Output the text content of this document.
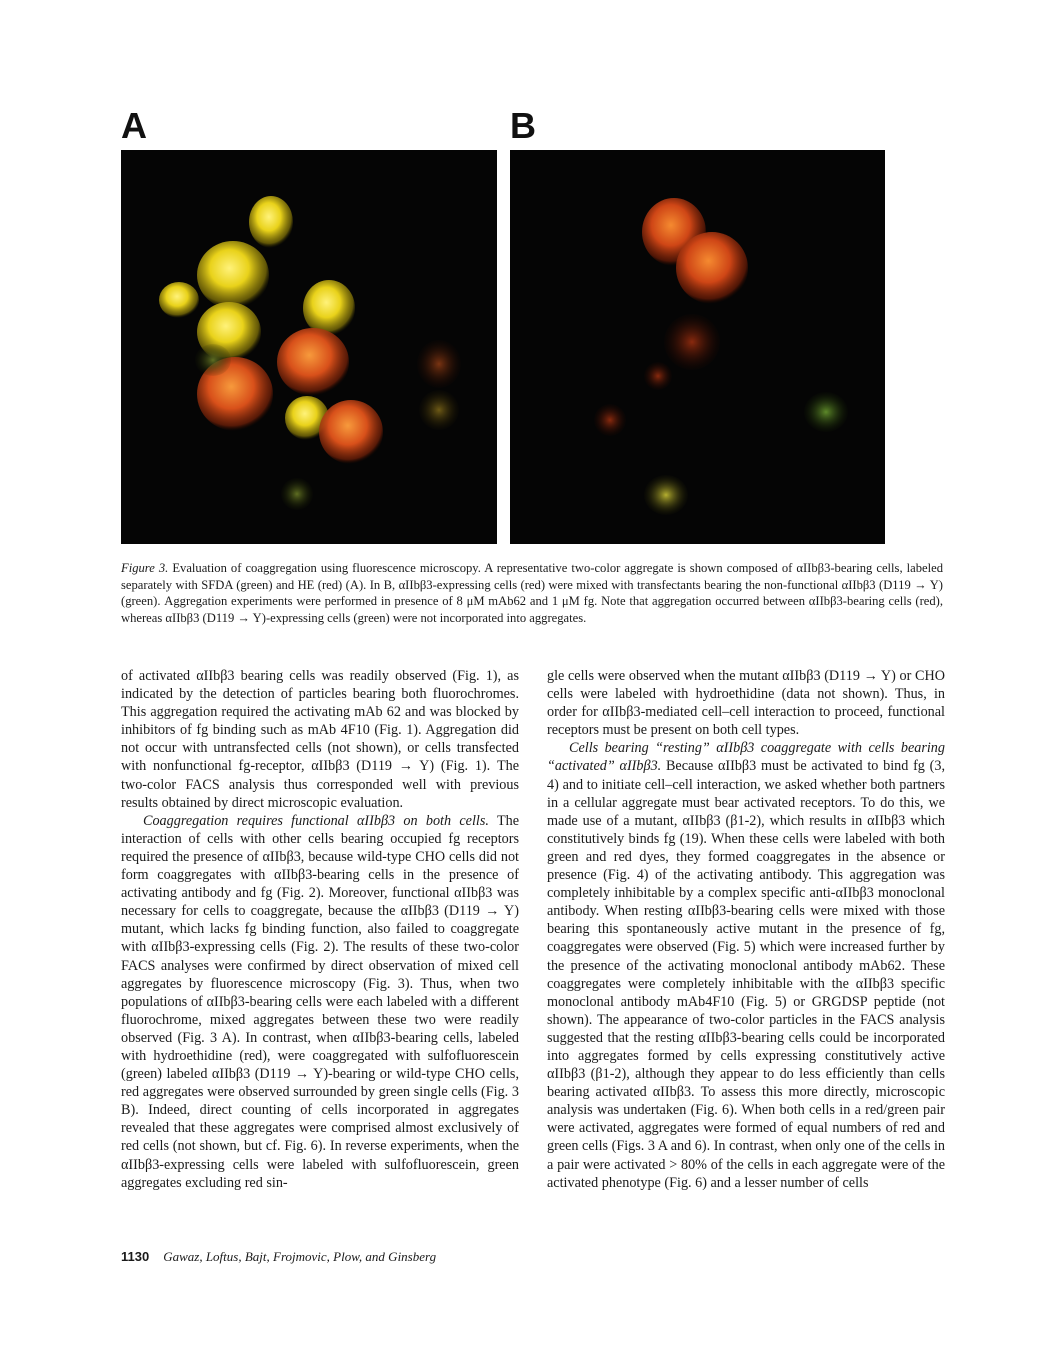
A	B
Figure 3. Evaluation of coaggregation using fluorescence microscopy. A representative two-color aggregate is shown composed of αIIbβ3-bearing cells, labeled separately with SFDA (green) and HE (red) (A). In B, αIIbβ3-expressing cells (red) were mixed with transfectants bearing the non-functional αIIbβ3 (D119 → Y) (green). Aggregation experiments were performed in presence of 8 μM mAb62 and 1 μM fg. Note that aggregation occurred between αIIbβ3-bearing cells (red), whereas αIIbβ3 (D119 → Y)-expressing cells (green) were not incorporated into aggregates.

of activated αIIbβ3 bearing cells was readily observed (Fig. 1), as indicated by the detection of particles bearing both fluorochromes. This aggregation required the activating mAb 62 and was blocked by inhibitors of fg binding such as mAb 4F10 (Fig. 1). Aggregation did not occur with untransfected cells (not shown), or cells transfected with nonfunctional fg-receptor, αIIbβ3 (D119 → Y) (Fig. 1). The two-color FACS analysis thus corresponded well with previous results obtained by direct microscopic evaluation.

Coaggregation requires functional αIIbβ3 on both cells. The interaction of cells with other cells bearing occupied fg receptors required the presence of αIIbβ3, because wild-type CHO cells did not form coaggregates with αIIbβ3-bearing cells in the presence of activating antibody and fg (Fig. 2). Moreover, functional αIIbβ3 was necessary for cells to coaggregate, because the αIIbβ3 (D119 → Y) mutant, which lacks fg binding function, also failed to coaggregate with αIIbβ3-expressing cells (Fig. 2). The results of these two-color FACS analyses were confirmed by direct observation of mixed cell aggregates by fluorescence microscopy (Fig. 3). Thus, when two populations of αIIbβ3-bearing cells were each labeled with a different fluorochrome, mixed aggregates between these two were readily observed (Fig. 3 A). In contrast, when αIIbβ3-bearing cells, labeled with hydroethidine (red), were coaggregated with sulfofluorescein (green) labeled αIIbβ3 (D119 → Y)-bearing or wild-type CHO cells, red aggregates were observed surrounded by green single cells (Fig. 3 B). Indeed, direct counting of cells incorporated in aggregates revealed that these aggregates were comprised almost exclusively of red cells (not shown, but cf. Fig. 6). In reverse experiments, when the αIIbβ3-expressing cells were labeled with sulfofluorescein, green aggregates excluding red sin-

gle cells were observed when the mutant αIIbβ3 (D119 → Y) or CHO cells were labeled with hydroethidine (data not shown). Thus, in order for αIIbβ3-mediated cell–cell interaction to proceed, functional receptors must be present on both cell types.

Cells bearing “resting” αIIbβ3 coaggregate with cells bearing “activated” αIIbβ3. Because αIIbβ3 must be activated to bind fg (3, 4) and to initiate cell–cell interaction, we asked whether both partners in a cellular aggregate must bear activated receptors. To do this, we made use of a mutant, αIIbβ3 (β1-2), which results in αIIbβ3 which constitutively binds fg (19). When these cells were labeled with both green and red dyes, they formed coaggregates in the absence or presence (Fig. 4) of the activating antibody. This aggregation was completely inhibitable by a complex specific anti-αIIbβ3 monoclonal antibody. When resting αIIbβ3-bearing cells were mixed with those bearing this spontaneously active mutant in the presence of fg, coaggregates were observed (Fig. 5) which were increased further by the presence of the activating monoclonal antibody mAb62. These coaggregates were completely inhibitable with the αIIbβ3 specific monoclonal antibody mAb4F10 (Fig. 5) or GRGDSP peptide (not shown). The appearance of two-color particles in the FACS analysis suggested that the resting αIIbβ3-bearing cells could be incorporated into aggregates formed by cells expressing constitutively active αIIbβ3 (β1-2), although they appear to do less efficiently than cells bearing activated αIIbβ3. To assess this more directly, microscopic analysis was undertaken (Fig. 6). When both cells in a red/green pair were activated, aggregates were formed of equal numbers of red and green cells (Figs. 3 A and 6). In contrast, when only one of the cells in a pair were activated > 80% of the cells in each aggregate were of the activated phenotype (Fig. 6) and a lesser number of cells

1130 Gawaz, Loftus, Bajt, Frojmovic, Plow, and Ginsberg
